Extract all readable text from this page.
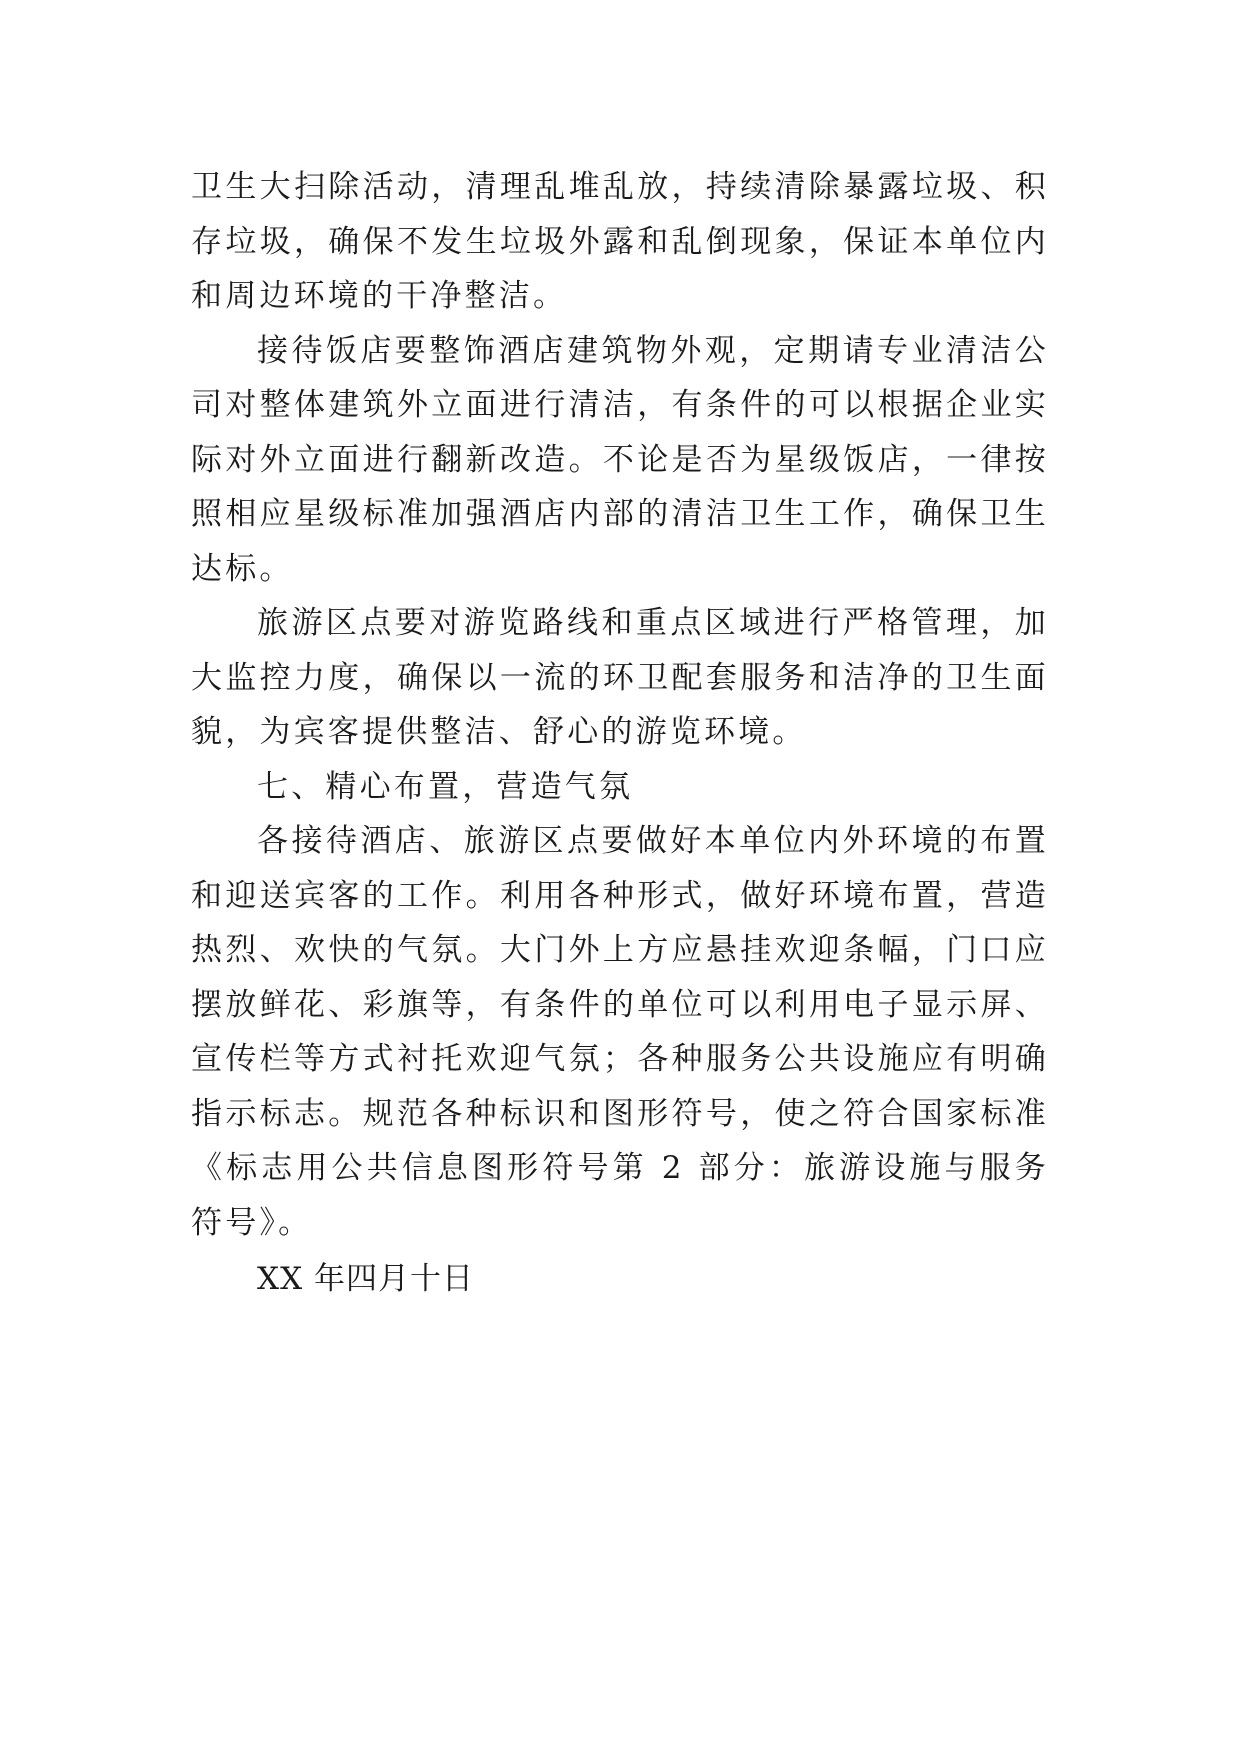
卫生大扫除活动，清理乱堆乱放，持续清除暴露垃圾、积存垃圾，确保不发生垃圾外露和乱倒现象，保证本单位内和周边环境的干净整洁。

接待饭店要整饰酒店建筑物外观，定期请专业清洁公司对整体建筑外立面进行清洁，有条件的可以根据企业实际对外立面进行翻新改造。不论是否为星级饭店，一律按照相应星级标准加强酒店内部的清洁卫生工作，确保卫生达标。

旅游区点要对游览路线和重点区域进行严格管理，加大监控力度，确保以一流的环卫配套服务和洁净的卫生面貌，为宾客提供整洁、舒心的游览环境。

七、精心布置，营造气氛

各接待酒店、旅游区点要做好本单位内外环境的布置和迎送宾客的工作。利用各种形式，做好环境布置，营造热烈、欢快的气氛。大门外上方应悬挂欢迎条幅，门口应摆放鲜花、彩旗等，有条件的单位可以利用电子显示屏、宣传栏等方式衬托欢迎气氛；各种服务公共设施应有明确指示标志。规范各种标识和图形符号，使之符合国家标准《标志用公共信息图形符号第 2 部分：旅游设施与服务符号》。

XX 年四月十日
